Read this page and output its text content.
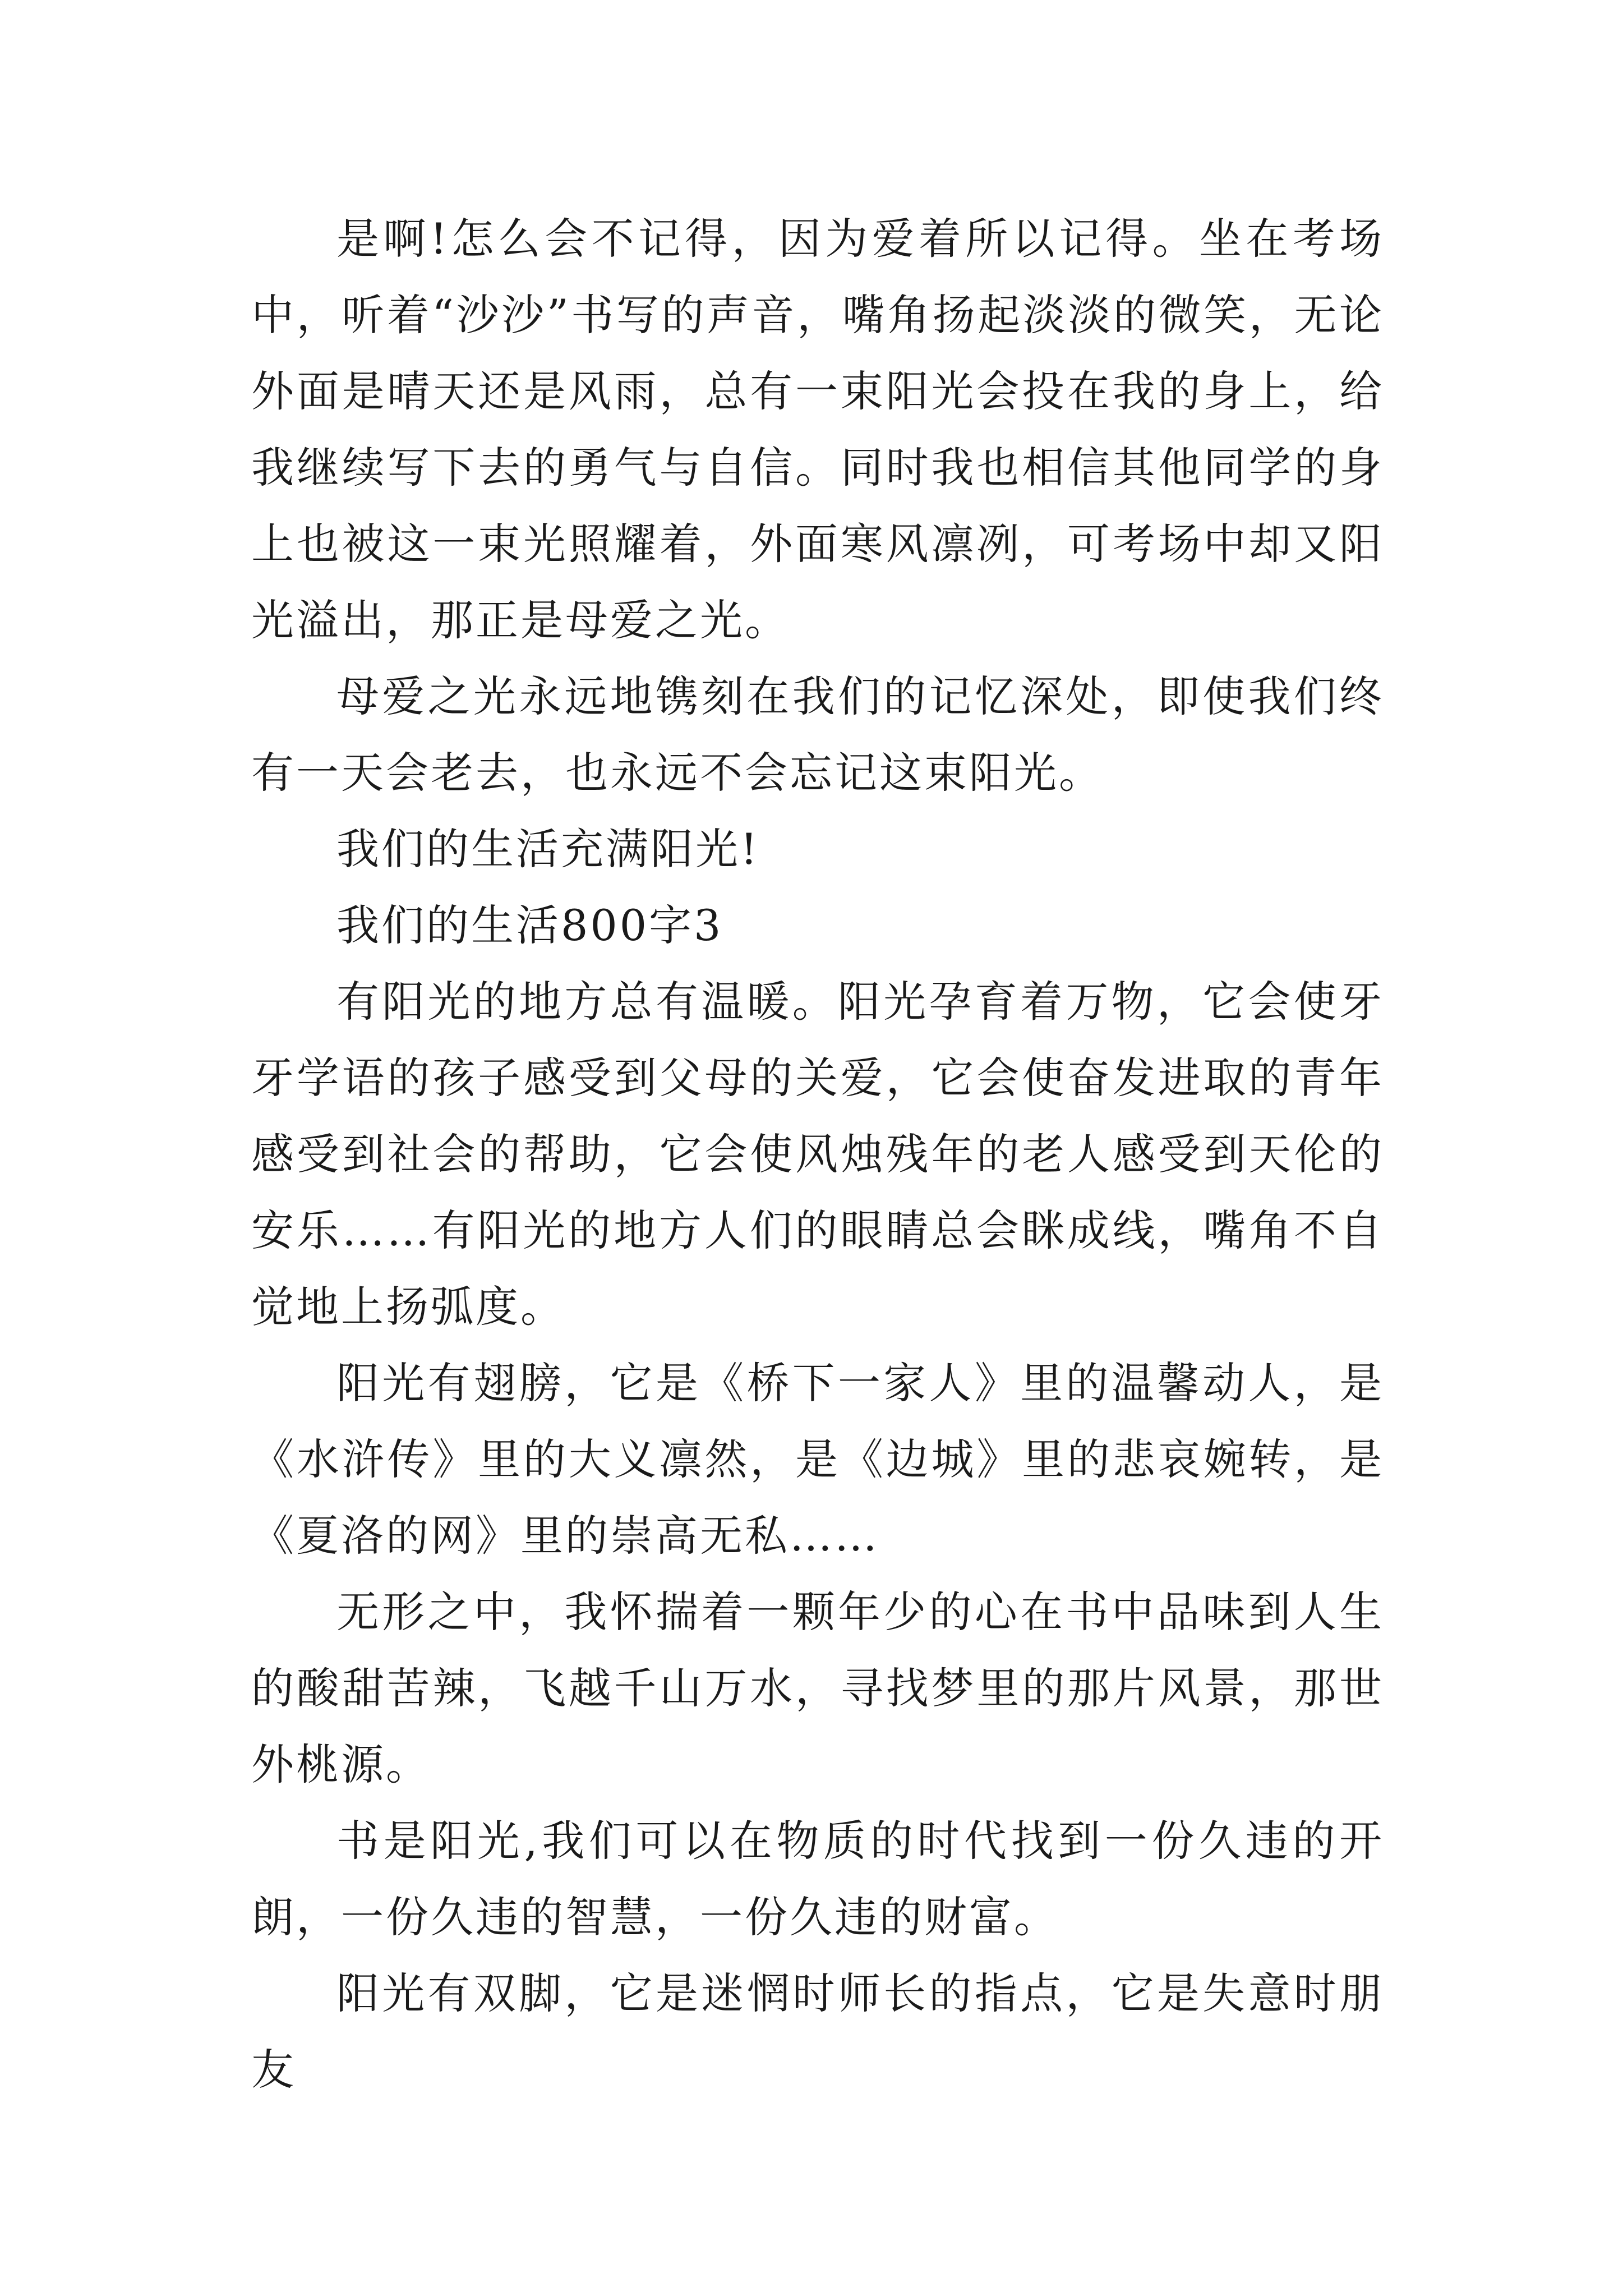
是啊!怎么会不记得，因为爱着所以记得。坐在考场中，听着“沙沙”书写的声音，嘴角扬起淡淡的微笑，无论外面是晴天还是风雨，总有一束阳光会投在我的身上，给我继续写下去的勇气与自信。同时我也相信其他同学的身上也被这一束光照耀着，外面寒风凛冽，可考场中却又阳光溢出，那正是母爱之光。

母爱之光永远地镌刻在我们的记忆深处，即使我们终有一天会老去，也永远不会忘记这束阳光。

我们的生活充满阳光!

我们的生活800字3

有阳光的地方总有温暖。阳光孕育着万物，它会使牙牙学语的孩子感受到父母的关爱，它会使奋发进取的青年感受到社会的帮助，它会使风烛残年的老人感受到天伦的安乐……有阳光的地方人们的眼睛总会眯成线，嘴角不自觉地上扬弧度。

阳光有翅膀，它是《桥下一家人》里的温馨动人，是《水浒传》里的大义凛然，是《边城》里的悲哀婉转，是《夏洛的网》里的崇高无私……

无形之中，我怀揣着一颗年少的心在书中品味到人生的酸甜苦辣，飞越千山万水，寻找梦里的那片风景，那世外桃源。

书是阳光,我们可以在物质的时代找到一份久违的开朗，一份久违的智慧，一份久违的财富。

阳光有双脚，它是迷惘时师长的指点，它是失意时朋友
